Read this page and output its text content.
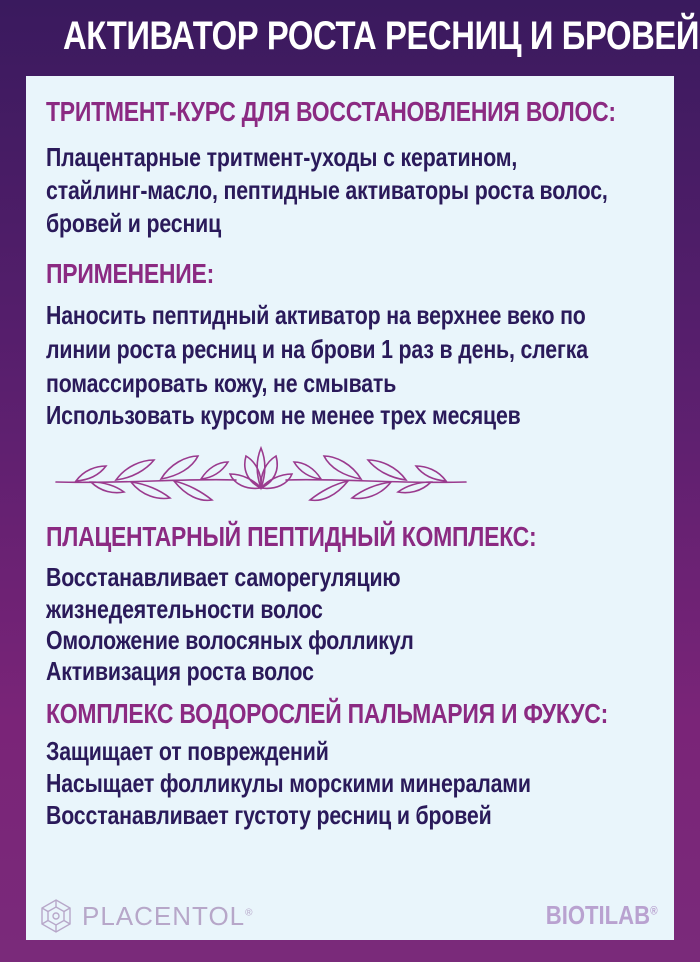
АКТИВАТОР РОСТА РЕСНИЦ И БРОВЕЙ
ТРИТМЕНТ-КУРС ДЛЯ ВОССТАНОВЛЕНИЯ ВОЛОС:
Плацентарные тритмент-уходы с кератином,
стайлинг-масло, пептидные активаторы роста волос,
бровей и ресниц
ПРИМЕНЕНИЕ:
Наносить пептидный активатор на верхнее веко по
линии роста ресниц и на брови 1 раз в день, слегка
помассировать кожу, не смывать
Использовать курсом не менее трех месяцев
ПЛАЦЕНТАРНЫЙ ПЕПТИДНЫЙ КОМПЛЕКС:
Восстанавливает саморегуляцию
жизнедеятельности волос
Омоложение волосяных фолликул
Активизация роста волос
КОМПЛЕКС ВОДОРОСЛЕЙ ПАЛЬМАРИЯ И ФУКУС:
Защищает от повреждений
Насыщает фолликулы морскими минералами
Восстанавливает густоту ресниц и бровей
PLACENTOL®	BIOTILAB®
